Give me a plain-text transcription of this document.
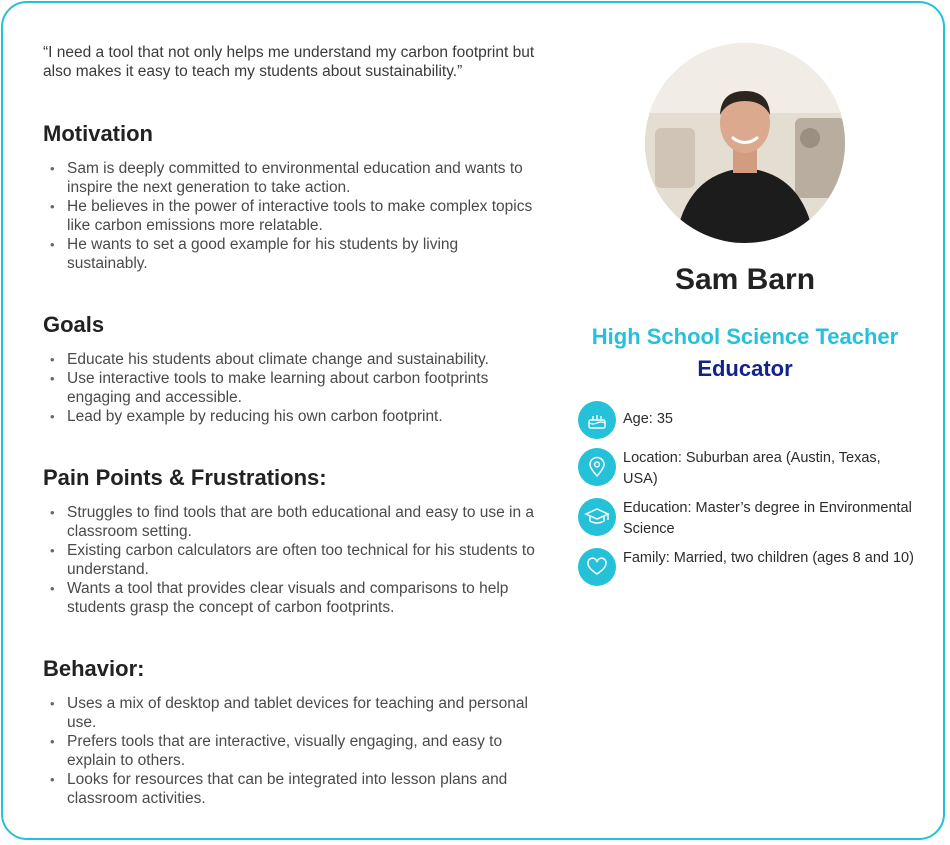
“I need a tool that not only helps me understand my carbon footprint but also makes it easy to teach my students about sustainability.”

Motivation
• Sam is deeply committed to environmental education and wants to inspire the next generation to take action.
• He believes in the power of interactive tools to make complex topics like carbon emissions more relatable.
• He wants to set a good example for his students by living sustainably.
Goals
• Educate his students about climate change and sustainability.
• Use interactive tools to make learning about carbon footprints engaging and accessible.
• Lead by example by reducing his own carbon footprint.
Pain Points & Frustrations:
• Struggles to find tools that are both educational and easy to use in a classroom setting.
• Existing carbon calculators are often too technical for his students to understand.
• Wants a tool that provides clear visuals and comparisons to help students grasp the concept of carbon footprints.
Behavior:
• Uses a mix of desktop and tablet devices for teaching and personal use.
• Prefers tools that are interactive, visually engaging, and easy to explain to others.
• Looks for resources that can be integrated into lesson plans and classroom activities.
Sam Barn
High School Science Teacher
Educator
Age: 35
Location: Suburban area (Austin, Texas, USA)
Education: Master’s degree in Environmental Science
Family: Married, two children (ages 8 and 10)
